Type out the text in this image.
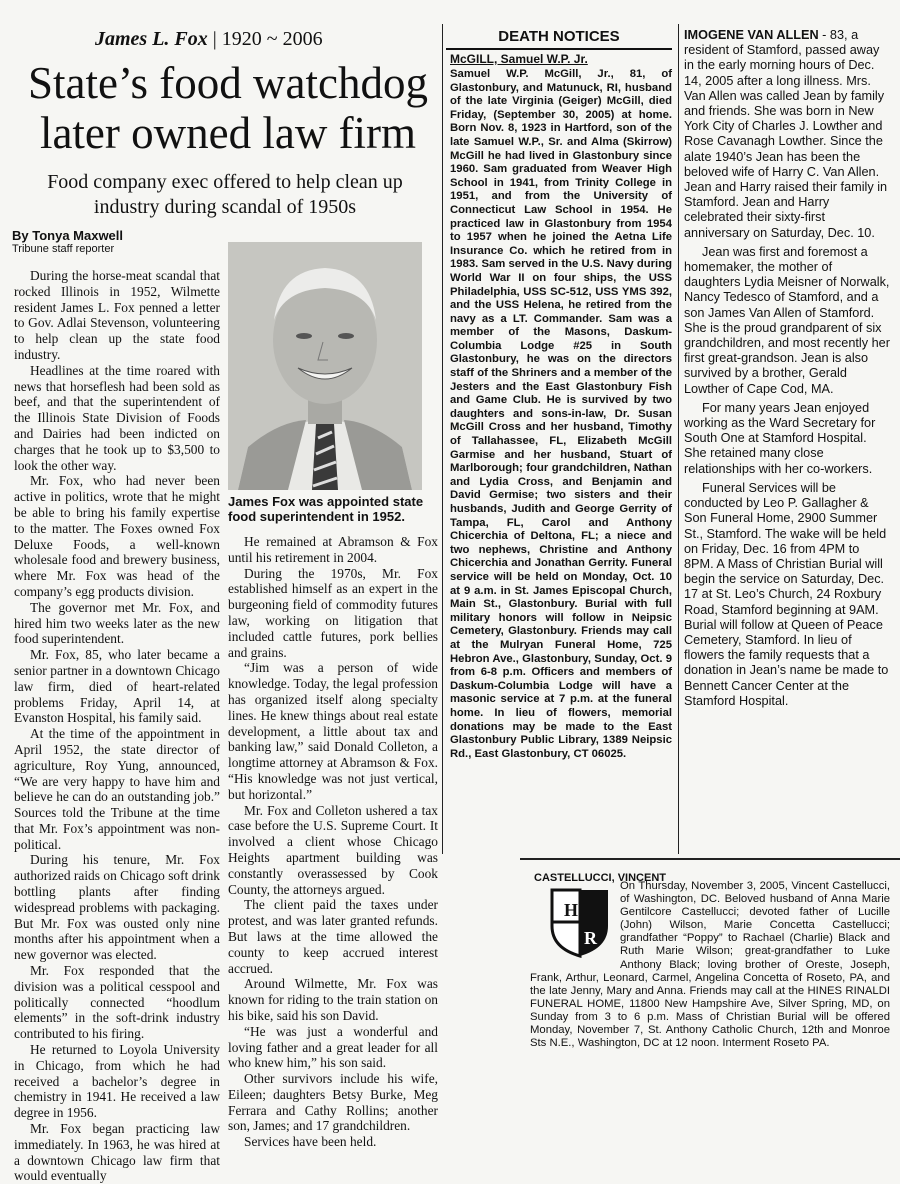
James L. Fox | 1920 ~ 2006
State’s food watchdog later owned law firm
Food company exec offered to help clean up industry during scandal of 1950s
By Tonya Maxwell
Tribune staff reporter

During the horse-meat scandal that rocked Illinois in 1952, Wilmette resident James L. Fox penned a letter to Gov. Adlai Stevenson, volunteering to help clean up the state food industry.

Headlines at the time roared with news that horseflesh had been sold as beef, and that the superintendent of the Illinois State Division of Foods and Dairies had been indicted on charges that he took up to $3,500 to look the other way.

Mr. Fox, who had never been active in politics, wrote that he might be able to bring his family expertise to the matter. The Foxes owned Fox Deluxe Foods, a well-known wholesale food and brewery business, where Mr. Fox was head of the company’s egg products division.

The governor met Mr. Fox, and hired him two weeks later as the new food superintendent.

Mr. Fox, 85, who later became a senior partner in a downtown Chicago law firm, died of heart-related problems Friday, April 14, at Evanston Hospital, his family said.

At the time of the appointment in April 1952, the state director of agriculture, Roy Yung, announced, “We are very happy to have him and believe he can do an outstanding job.” Sources told the Tribune at the time that Mr. Fox’s appointment was non-political.

During his tenure, Mr. Fox authorized raids on Chicago soft drink bottling plants after finding widespread problems with packaging. But Mr. Fox was ousted only nine months after his appointment when a new governor was elected.

Mr. Fox responded that the division was a political cesspool and politically connected “hoodlum elements” in the soft-drink industry contributed to his firing.

He returned to Loyola University in Chicago, from which he had received a bachelor’s degree in chemistry in 1941. He received a law degree in 1956.

Mr. Fox began practicing law immediately. In 1963, he was hired at a downtown Chicago law firm that would eventually

James Fox was appointed state food superintendent in 1952.

He remained at Abramson & Fox until his retirement in 2004.

During the 1970s, Mr. Fox established himself as an expert in the burgeoning field of commodity futures law, working on litigation that included cattle futures, pork bellies and grains.

“Jim was a person of wide knowledge. Today, the legal profession has organized itself along specialty lines. He knew things about real estate development, a little about tax and banking law,” said Donald Colleton, a longtime attorney at Abramson & Fox. “His knowledge was not just vertical, but horizontal.”

Mr. Fox and Colleton ushered a tax case before the U.S. Supreme Court. It involved a client whose Chicago Heights apartment building was constantly overassessed by Cook County, the attorneys argued.

The client paid the taxes under protest, and was later granted refunds. But laws at the time allowed the county to keep accrued interest accrued.

Around Wilmette, Mr. Fox was known for riding to the train station on his bike, said his son David.

“He was just a wonderful and loving father and a great leader for all who knew him,” his son said.

Other survivors include his wife, Eileen; daughters Betsy Burke, Meg Ferrara and Cathy Rollins; another son, James; and 17 grandchildren.

Services have been held.

DEATH NOTICES
McGILL, Samuel W.P. Jr.
Samuel W.P. McGill, Jr., 81, of Glastonbury, and Matunuck, RI, husband of the late Virginia (Geiger) McGill, died Friday, (September 30, 2005) at home. Born Nov. 8, 1923 in Hartford, son of the late Samuel W.P., Sr. and Alma (Skirrow) McGill he had lived in Glastonbury since 1960. Sam graduated from Weaver High School in 1941, from Trinity College in 1951, and from the University of Connecticut Law School in 1954. He practiced law in Glastonbury from 1954 to 1957 when he joined the Aetna Life Insurance Co. which he retired from in 1983. Sam served in the U.S. Navy during World War II on four ships, the USS Philadelphia, USS SC-512, USS YMS 392, and the USS Helena, he retired from the navy as a LT. Commander. Sam was a member of the Masons, Daskum-Columbia Lodge #25 in South Glastonbury, he was on the directors staff of the Shriners and a member of the Jesters and the East Glastonbury Fish and Game Club. He is survived by two daughters and sons-in-law, Dr. Susan McGill Cross and her husband, Timothy of Tallahassee, FL, Elizabeth McGill Garmise and her husband, Stuart of Marlborough; four grandchildren, Nathan and Lydia Cross, and Benjamin and David Germise; two sisters and their husbands, Judith and George Gerrity of Tampa, FL, Carol and Anthony Chicerchia of Deltona, FL; a niece and two nephews, Christine and Anthony Chicerchia and Jonathan Gerrity. Funeral service will be held on Monday, Oct. 10 at 9 a.m. in St. James Episcopal Church, Main St., Glastonbury. Burial with full military honors will follow in Neipsic Cemetery, Glastonbury. Friends may call at the Mulryan Funeral Home, 725 Hebron Ave., Glastonbury, Sunday, Oct. 9 from 6-8 p.m. Officers and members of Daskum-Columbia Lodge will have a masonic service at 7 p.m. at the funeral home. In lieu of flowers, memorial donations may be made to the East Glastonbury Public Library, 1389 Neipsic Rd., East Glastonbury, CT 06025.

IMOGENE VAN ALLEN - 83, a resident of Stamford, passed away in the early morning hours of Dec. 14, 2005 after a long illness. Mrs. Van Allen was called Jean by family and friends. She was born in New York City of Charles J. Lowther and Rose Cavanagh Lowther. Since the alate 1940’s Jean has been the beloved wife of Harry C. Van Allen. Jean and Harry raised their family in Stamford. Jean and Harry celebrated their sixty-first anniversary on Saturday, Dec. 10.

Jean was first and foremost a homemaker, the mother of daughters Lydia Meisner of Norwalk, Nancy Tedesco of Stamford, and a son James Van Allen of Stamford. She is the proud grandparent of six grandchildren, and most recently her first great-grandson. Jean is also survived by a brother, Gerald Lowther of Cape Cod, MA.

For many years Jean enjoyed working as the Ward Secretary for South One at Stamford Hospital. She retained many close relationships with her co-workers.

Funeral Services will be conducted by Leo P. Gallagher & Son Funeral Home, 2900 Summer St., Stamford. The wake will be held on Friday, Dec. 16 from 4PM to 8PM. A Mass of Christian Burial will begin the service on Saturday, Dec. 17 at St. Leo’s Church, 24 Roxbury Road, Stamford beginning at 9AM. Burial will follow at Queen of Peace Cemetery, Stamford. In lieu of flowers the family requests that a donation in Jean’s name be made to Bennett Cancer Center at the Stamford Hospital.

CASTELLUCCI, VINCENT
On Thursday, November 3, 2005, Vincent Castellucci, of Washington, DC. Beloved husband of Anna Marie Gentilcore Castellucci; devoted father of Lucille (John) Wilson, Marie Concetta Castellucci; grandfather “Poppy” to Rachael (Charlie) Black and Ruth Marie Wilson; great-grandfather to Luke Anthony Black; loving brother of Oreste, Joseph, Frank, Arthur, Leonard, Carmel, Angelina Concetta of Roseto, PA, and the late Jenny, Mary and Anna. Friends may call at the HINES RINALDI FUNERAL HOME, 11800 New Hampshire Ave, Silver Spring, MD, on Sunday from 3 to 6 p.m. Mass of Christian Burial will be offered Monday, November 7, St. Anthony Catholic Church, 12th and Monroe Sts N.E., Washington, DC at 12 noon. Interment Roseto PA.
H
R
